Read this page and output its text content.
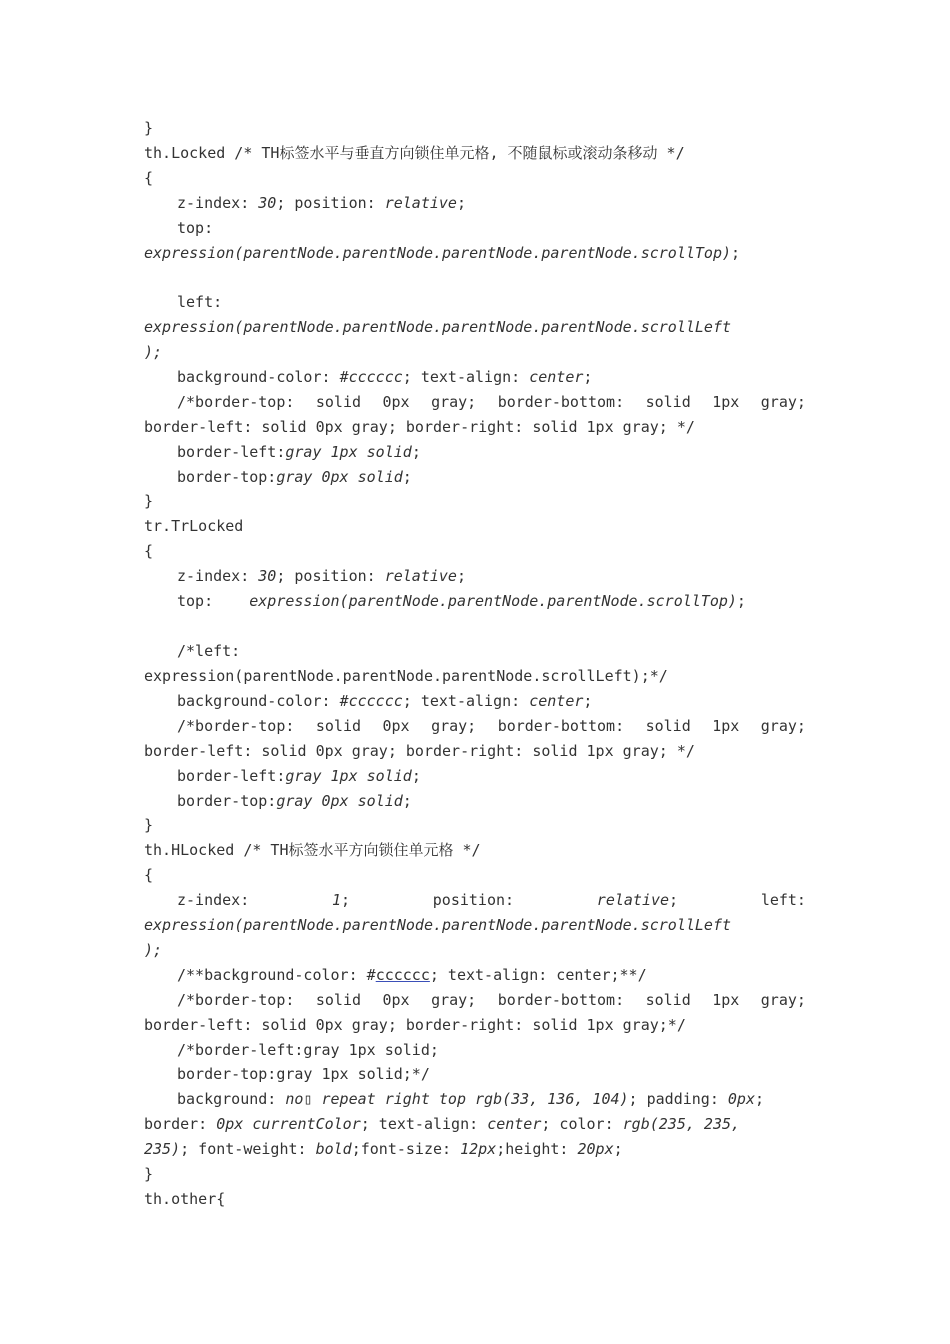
}
th.Locked /* TH标签水平与垂直方向锁住单元格, 不随鼠标或滚动条移动 */
{
z-index: 30; position: relative;
top:
expression(parentNode.parentNode.parentNode.parentNode.scrollTop);
left:
expression(parentNode.parentNode.parentNode.parentNode.scrollLeft
);
background-color: #cccccc; text-align: center;
/*border-top: solid 0px gray; border-bottom: solid 1px gray;
border-left: solid 0px gray; border-right: solid 1px gray; */
border-left:gray 1px solid;
border-top:gray 0px solid;
}
tr.TrLocked
{
z-index: 30; position: relative;
top:    expression(parentNode.parentNode.parentNode.scrollTop);
/*left:
expression(parentNode.parentNode.parentNode.scrollLeft);*/
background-color: #cccccc; text-align: center;
/*border-top: solid 0px gray; border-bottom: solid 1px gray;
border-left: solid 0px gray; border-right: solid 1px gray; */
border-left:gray 1px solid;
border-top:gray 0px solid;
}
th.HLocked /* TH标签水平方向锁住单元格 */
{
z-index:	1;	position:	relative;	left:
expression(parentNode.parentNode.parentNode.parentNode.scrollLeft
);
/**background-color: #cccccc; text-align: center;**/
/*border-top: solid 0px gray; border-bottom: solid 1px gray;
border-left: solid 0px gray; border-right: solid 1px gray;*/
/*border-left:gray 1px solid;
border-top:gray 1px solid;*/
background: no▯ repeat right top rgb(33, 136, 104); padding: 0px;
border: 0px currentColor; text-align: center; color: rgb(235, 235,
235); font-weight: bold;font-size: 12px;height: 20px;
}
th.other{
